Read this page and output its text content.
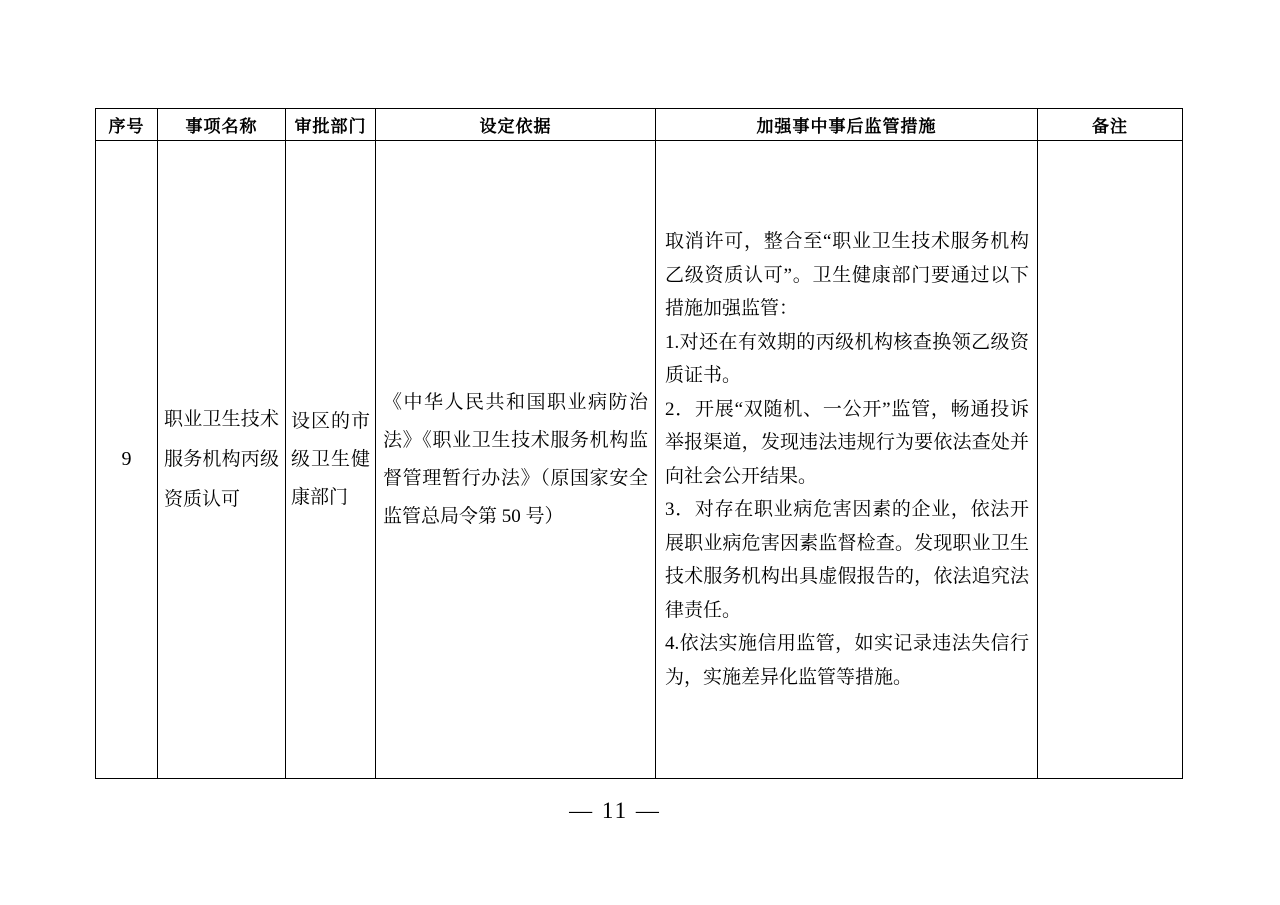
序号	事项名称	审批部门	设定依据	加强事中事后监管措施	备注
9	职业卫生技术服务机构丙级资质认可	设区的市级卫生健康部门	《中华人民共和国职业病防治法》《职业卫生技术服务机构监督管理暂行办法》（原国家安全监管总局令第 50 号）	取消许可，整合至“职业卫生技术服务机构乙级资质认可”。卫生健康部门要通过以下措施加强监管：

1.对还在有效期的丙级机构核查换领乙级资质证书。

2．开展“双随机、一公开”监管，畅通投诉举报渠道，发现违法违规行为要依法查处并向社会公开结果。

3．对存在职业病危害因素的企业，依法开展职业病危害因素监督检查。发现职业卫生技术服务机构出具虚假报告的，依法追究法律责任。

4.依法实施信用监管，如实记录违法失信行为，实施差异化监管等措施。	

— 11 —
